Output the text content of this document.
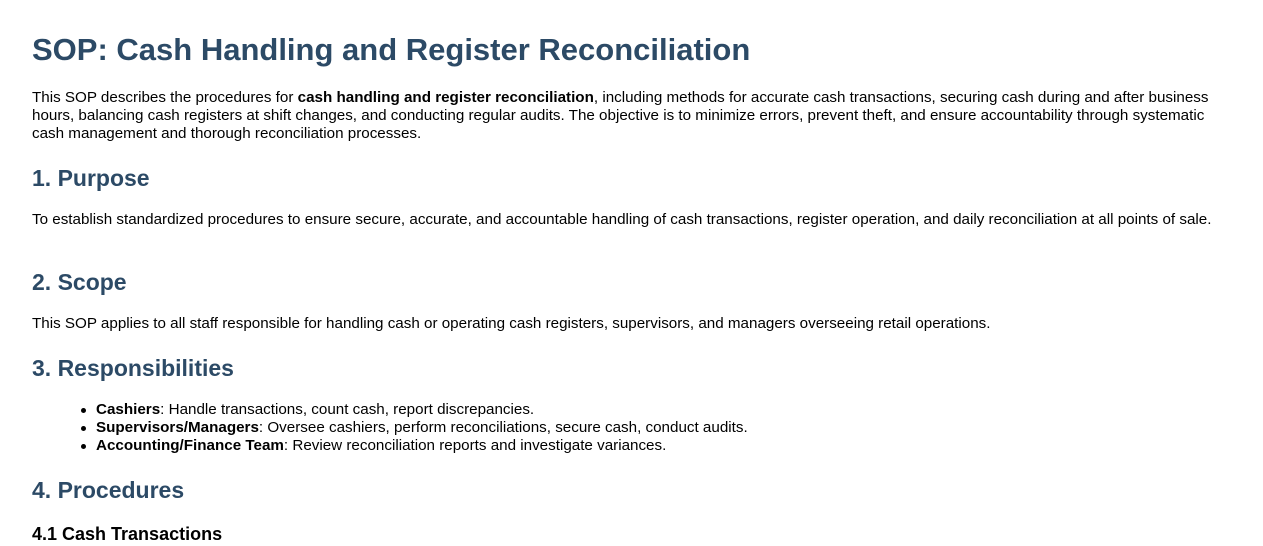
SOP: Cash Handling and Register Reconciliation

This SOP describes the procedures for cash handling and register reconciliation, including methods for accurate cash transactions, securing cash during and after business hours, balancing cash registers at shift changes, and conducting regular audits. The objective is to minimize errors, prevent theft, and ensure accountability through systematic cash management and thorough reconciliation processes.

1. Purpose

To establish standardized procedures to ensure secure, accurate, and accountable handling of cash transactions, register operation, and daily reconciliation at all points of sale.

2. Scope

This SOP applies to all staff responsible for handling cash or operating cash registers, supervisors, and managers overseeing retail operations.

3. Responsibilities
Cashiers: Handle transactions, count cash, report discrepancies.
Supervisors/Managers: Oversee cashiers, perform reconciliations, secure cash, conduct audits.
Accounting/Finance Team: Review reconciliation reports and investigate variances.
4. Procedures
4.1 Cash Transactions
